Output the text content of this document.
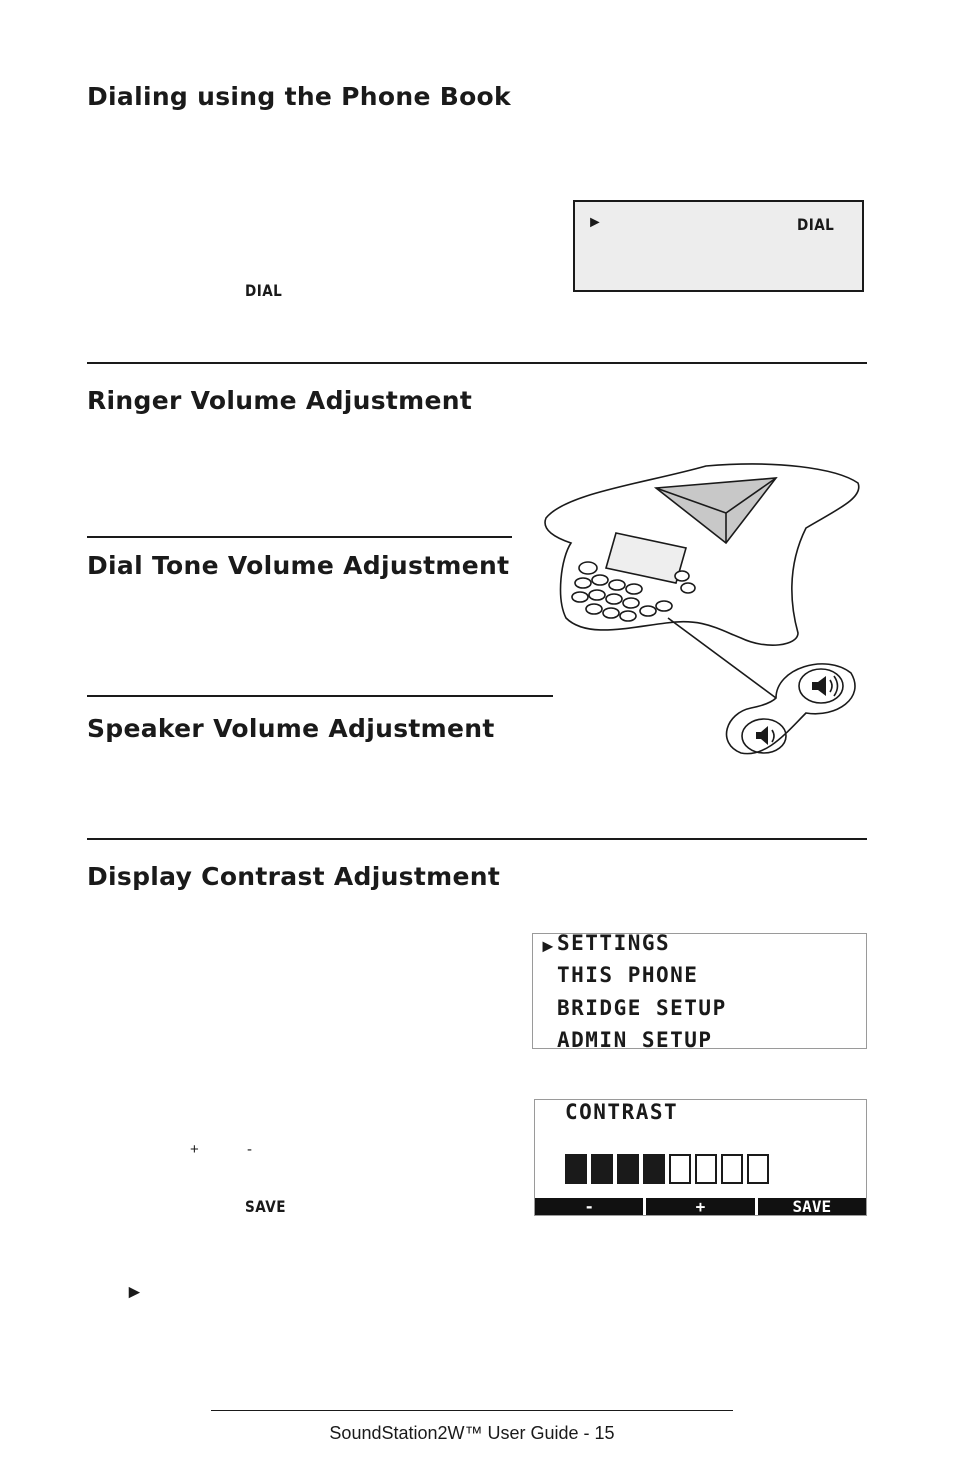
Dialing using the Phone Book
DIAL
►	DIAL
Ringer Volume Adjustment
Dial Tone Volume Adjustment
Speaker Volume Adjustment
Display Contrast Adjustment
► SETTINGS
THIS PHONE
BRIDGE SETUP
ADMIN SETUP
+	-
SAVE
CONTRAST
-	+	SAVE
►
SoundStation2W™ User Guide - 15
